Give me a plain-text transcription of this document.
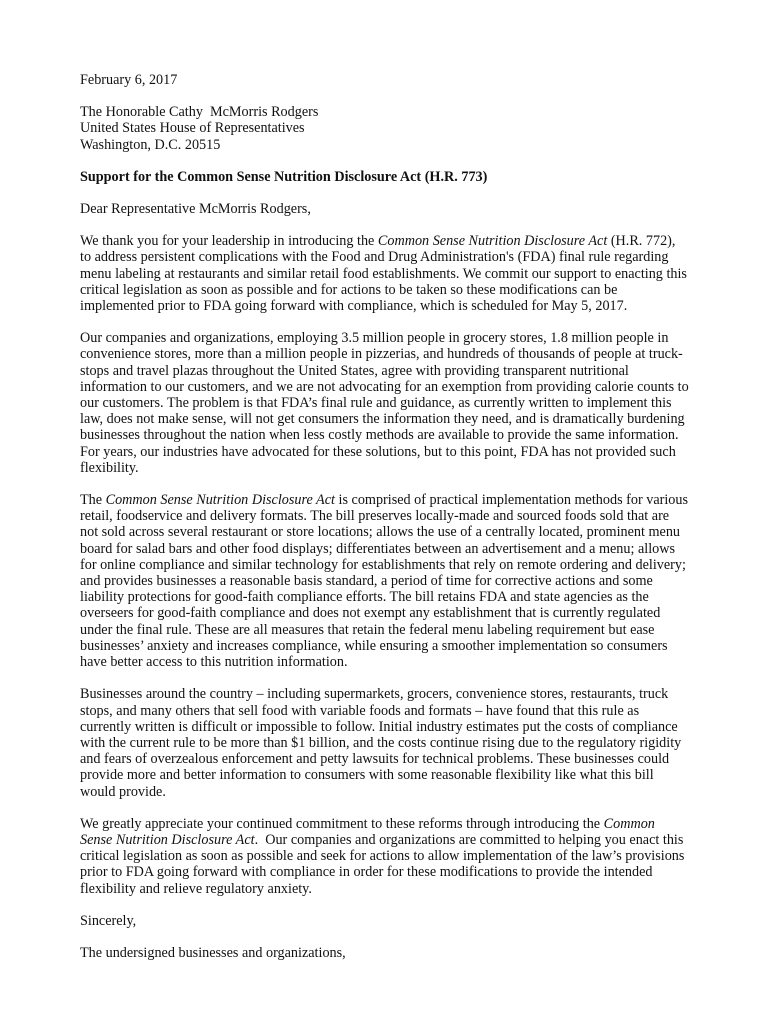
February 6, 2017

The Honorable Cathy  McMorris Rodgers

United States House of Representatives

Washington, D.C. 20515

Support for the Common Sense Nutrition Disclosure Act (H.R. 773)

Dear Representative McMorris Rodgers,

We thank you for your leadership in introducing the Common Sense Nutrition Disclosure Act (H.R. 772), to address persistent complications with the Food and Drug Administration's (FDA) final rule regarding menu labeling at restaurants and similar retail food establishments. We commit our support to enacting this critical legislation as soon as possible and for actions to be taken so these modifications can be implemented prior to FDA going forward with compliance, which is scheduled for May 5, 2017.

Our companies and organizations, employing 3.5 million people in grocery stores, 1.8 million people in convenience stores, more than a million people in pizzerias, and hundreds of thousands of people at truck-stops and travel plazas throughout the United States, agree with providing transparent nutritional information to our customers, and we are not advocating for an exemption from providing calorie counts to our customers. The problem is that FDA’s final rule and guidance, as currently written to implement this law, does not make sense, will not get consumers the information they need, and is dramatically burdening businesses throughout the nation when less costly methods are available to provide the same information. For years, our industries have advocated for these solutions, but to this point, FDA has not provided such flexibility.

The Common Sense Nutrition Disclosure Act is comprised of practical implementation methods for various retail, foodservice and delivery formats. The bill preserves locally-made and sourced foods sold that are not sold across several restaurant or store locations; allows the use of a centrally located, prominent menu board for salad bars and other food displays; differentiates between an advertisement and a menu; allows for online compliance and similar technology for establishments that rely on remote ordering and delivery; and provides businesses a reasonable basis standard, a period of time for corrective actions and some liability protections for good-faith compliance efforts. The bill retains FDA and state agencies as the overseers for good-faith compliance and does not exempt any establishment that is currently regulated under the final rule. These are all measures that retain the federal menu labeling requirement but ease businesses’ anxiety and increases compliance, while ensuring a smoother implementation so consumers have better access to this nutrition information.

Businesses around the country – including supermarkets, grocers, convenience stores, restaurants, truck stops, and many others that sell food with variable foods and formats – have found that this rule as currently written is difficult or impossible to follow. Initial industry estimates put the costs of compliance with the current rule to be more than $1 billion, and the costs continue rising due to the regulatory rigidity and fears of overzealous enforcement and petty lawsuits for technical problems. These businesses could provide more and better information to consumers with some reasonable flexibility like what this bill would provide.

We greatly appreciate your continued commitment to these reforms through introducing the Common Sense Nutrition Disclosure Act.  Our companies and organizations are committed to helping you enact this critical legislation as soon as possible and seek for actions to allow implementation of the law’s provisions prior to FDA going forward with compliance in order for these modifications to provide the intended flexibility and relieve regulatory anxiety.

Sincerely,

The undersigned businesses and organizations,
